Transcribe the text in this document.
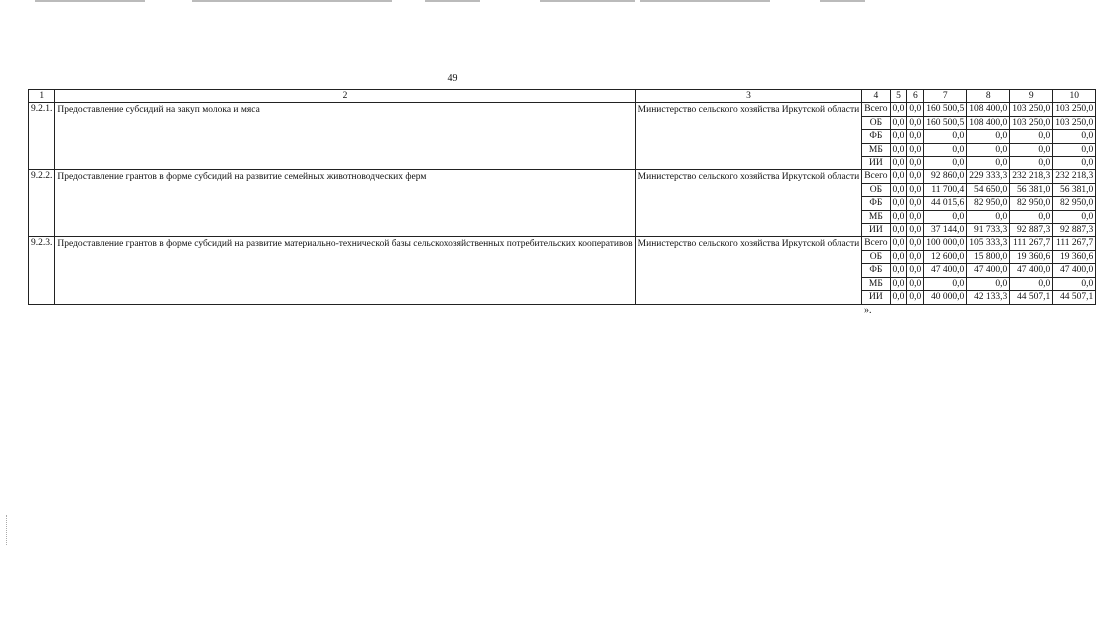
49
1	2	3	4	5	6	7	8	9	10
9.2.1.	Предоставление субсидий на закуп молока и мяса	Министерство сельского хозяйства Иркутской области	Всего	0,0	0,0	160 500,5	108 400,0	103 250,0	103 250,0
			ОБ	0,0	0,0	160 500,5	108 400,0	103 250,0	103 250,0
			ФБ	0,0	0,0	0,0	0,0	0,0	0,0
			МБ	0,0	0,0	0,0	0,0	0,0	0,0
			ИИ	0,0	0,0	0,0	0,0	0,0	0,0
9.2.2.	Предоставление грантов в форме субсидий на развитие семейных животноводческих ферм	Министерство сельского хозяйства Иркутской области	Всего	0,0	0,0	92 860,0	229 333,3	232 218,3	232 218,3
			ОБ	0,0	0,0	11 700,4	54 650,0	56 381,0	56 381,0
			ФБ	0,0	0,0	44 015,6	82 950,0	82 950,0	82 950,0
			МБ	0,0	0,0	0,0	0,0	0,0	0,0
			ИИ	0,0	0,0	37 144,0	91 733,3	92 887,3	92 887,3
9.2.3.	Предоставление грантов в форме субсидий на развитие материально-технической базы сельскохозяйственных потребительских кооперативов	Министерство сельского хозяйства Иркутской области	Всего	0,0	0,0	100 000,0	105 333,3	111 267,7	111 267,7
			ОБ	0,0	0,0	12 600,0	15 800,0	19 360,6	19 360,6
			ФБ	0,0	0,0	47 400,0	47 400,0	47 400,0	47 400,0
			МБ	0,0	0,0	0,0	0,0	0,0	0,0
			ИИ	0,0	0,0	40 000,0	42 133,3	44 507,1	44 507,1
».
